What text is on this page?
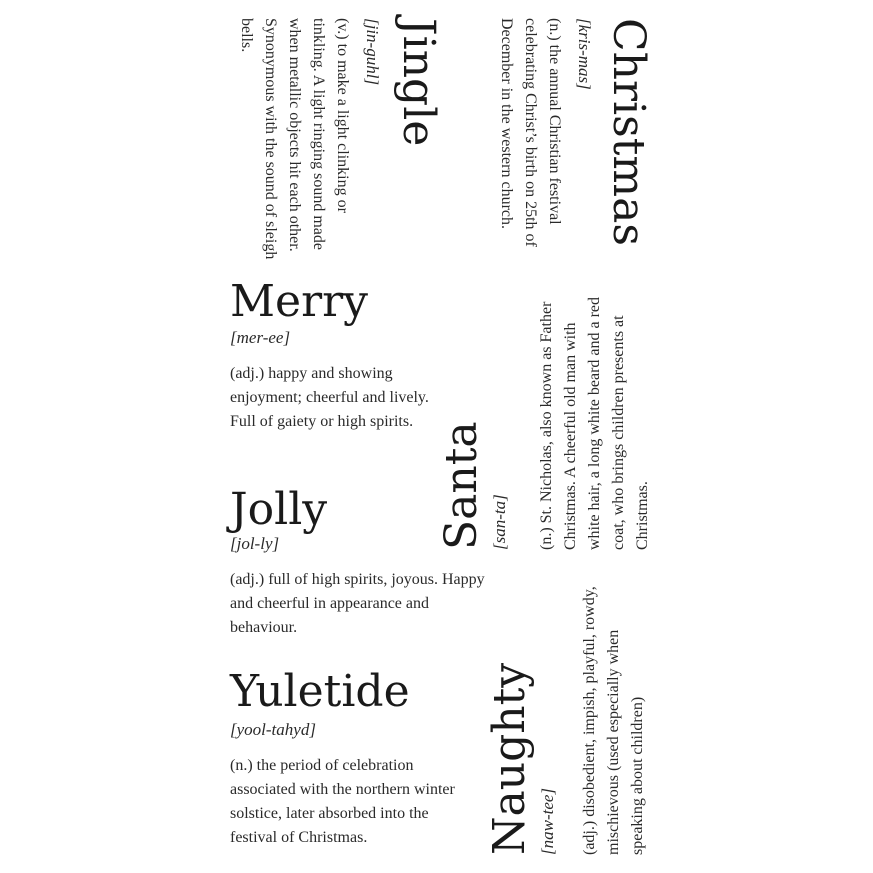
Christmas
[kris-mas]
(n.) the annual Christian festival celebrating Christ’s birth on 25th of December in the western church.
Jingle
[jin-guhl]
(v.) to make a light clinking or tinkling. A light ringing sound made when metallic objects hit each other. Synonymous with the sound of sleigh bells.
Merry
[mer-ee]
(adj.) happy and showing enjoyment; cheerful and lively. Full of gaiety or high spirits.
Jolly
[jol-ly]
(adj.) full of high spirits, joyous. Happy and cheerful in appearance and behaviour.
Yuletide
[yool-tahyd]
(n.) the period of celebration associated with the northern winter solstice, later absorbed into the festival of Christmas.
Santa [san-ta] (n.) St. Nicholas, also known as Father Christmas. A cheerful old man with white hair, a long white beard and a red coat, who brings children presents at Christmas.
Naughty [naw-tee] (adj.) disobedient, impish, playful, rowdy, mischievous (used especially when speaking about children)
